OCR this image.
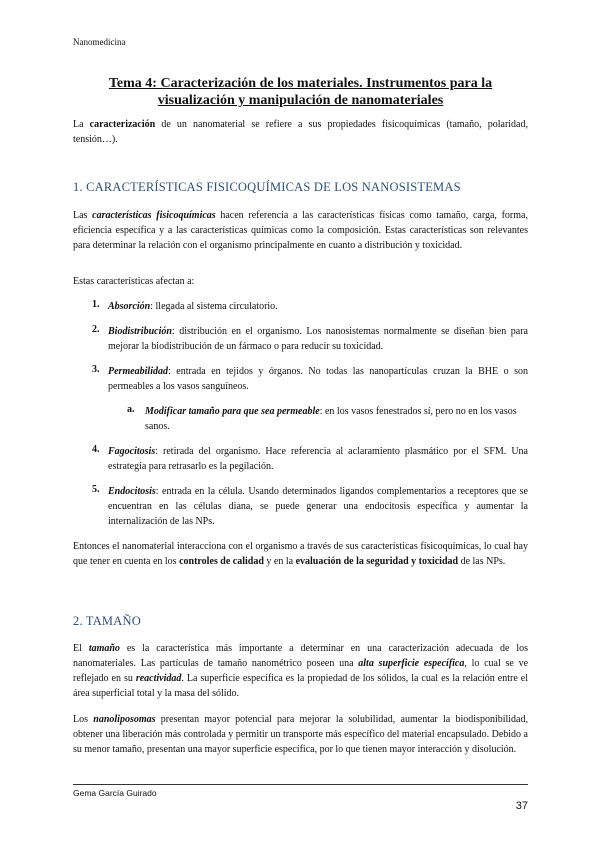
Nanomedicina
Tema 4: Caracterización de los materiales. Instrumentos para la
visualización y manipulación de nanomateriales

La caracterización de un nanomaterial se refiere a sus propiedades fisicoquímicas (tamaño, polaridad, tensión…).

1. CARACTERÍSTICAS FISICOQUÍMICAS DE LOS NANOSISTEMAS

Las características fisicoquímicas hacen referencia a las características físicas como tamaño, carga, forma, eficiencia específica y a las características químicas como la composición. Estas características son relevantes para determinar la relación con el organismo principalmente en cuanto a distribución y toxicidad.

Estas características afectan a:

1. Absorción: llegada al sistema circulatorio.

2. Biodistribución: distribución en el organismo. Los nanosistemas normalmente se diseñan bien para mejorar la biodistribución de un fármaco o para reducir su toxicidad.

3. Permeabilidad: entrada en tejidos y órganos. No todas las nanopartículas cruzan la BHE o son permeables a los vasos sanguíneos.

a. Modificar tamaño para que sea permeable: en los vasos fenestrados sí, pero no en los vasos sanos.

4. Fagocitosis: retirada del organismo. Hace referencia al aclaramiento plasmático por el SFM. Una estrategia para retrasarlo es la pegilación.

5. Endocitosis: entrada en la célula. Usando determinados ligandos complementarios a receptores que se encuentran en las células diana, se puede generar una endocitosis específica y aumentar la internalización de las NPs.

Entonces el nanomaterial interacciona con el organismo a través de sus características fisicoquímicas, lo cual hay que tener en cuenta en los controles de calidad y en la evaluación de la seguridad y toxicidad de las NPs.

2. TAMAÑO

El tamaño es la característica más importante a determinar en una caracterización adecuada de los nanomateriales. Las partículas de tamaño nanométrico poseen una alta superficie específica, lo cual se ve reflejado en su reactividad. La superficie específica es la propiedad de los sólidos, la cual es la relación entre el área superficial total y la masa del sólido.

Los nanoliposomas presentan mayor potencial para mejorar la solubilidad, aumentar la biodisponibilidad, obtener una liberación más controlada y permitir un transporte más específico del material encapsulado. Debido a su menor tamaño, presentan una mayor superficie específica, por lo que tienen mayor interacción y disolución.

Gema García Guirado
37
